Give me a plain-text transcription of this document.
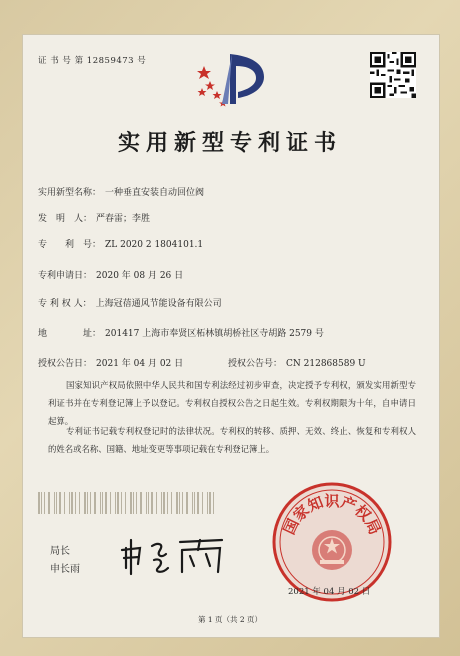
证 书 号 第 12859473 号
实用新型专利证书
实用新型名称： 一种垂直安装自动回位阀
发　明　人： 严春雷；李胜
专　　利　号： ZL 2020 2 1804101.1
专利申请日： 2020 年 08 月 26 日
专 利 权 人： 上海冠蓓通风节能设备有限公司
地　　　　址： 201417 上海市奉贤区柘林镇胡桥社区寺胡路 2579 号
授权公告日： 2021 年 04 月 02 日	授权公告号： CN 212868589 U
国家知识产权局依照中华人民共和国专利法经过初步审查，决定授予专利权，颁发实用新型专利证书并在专利登记簿上予以登记。专利权自授权公告之日起生效。专利权期限为十年，自申请日起算。
专利证书记载专利权登记时的法律状况。专利权的转移、质押、无效、终止、恢复和专利权人的姓名或名称、国籍、地址变更等事项记载在专利登记簿上。
局长
申长雨
国家知识产权局
2021 年 04 月 02 日
第 1 页（共 2 页）
